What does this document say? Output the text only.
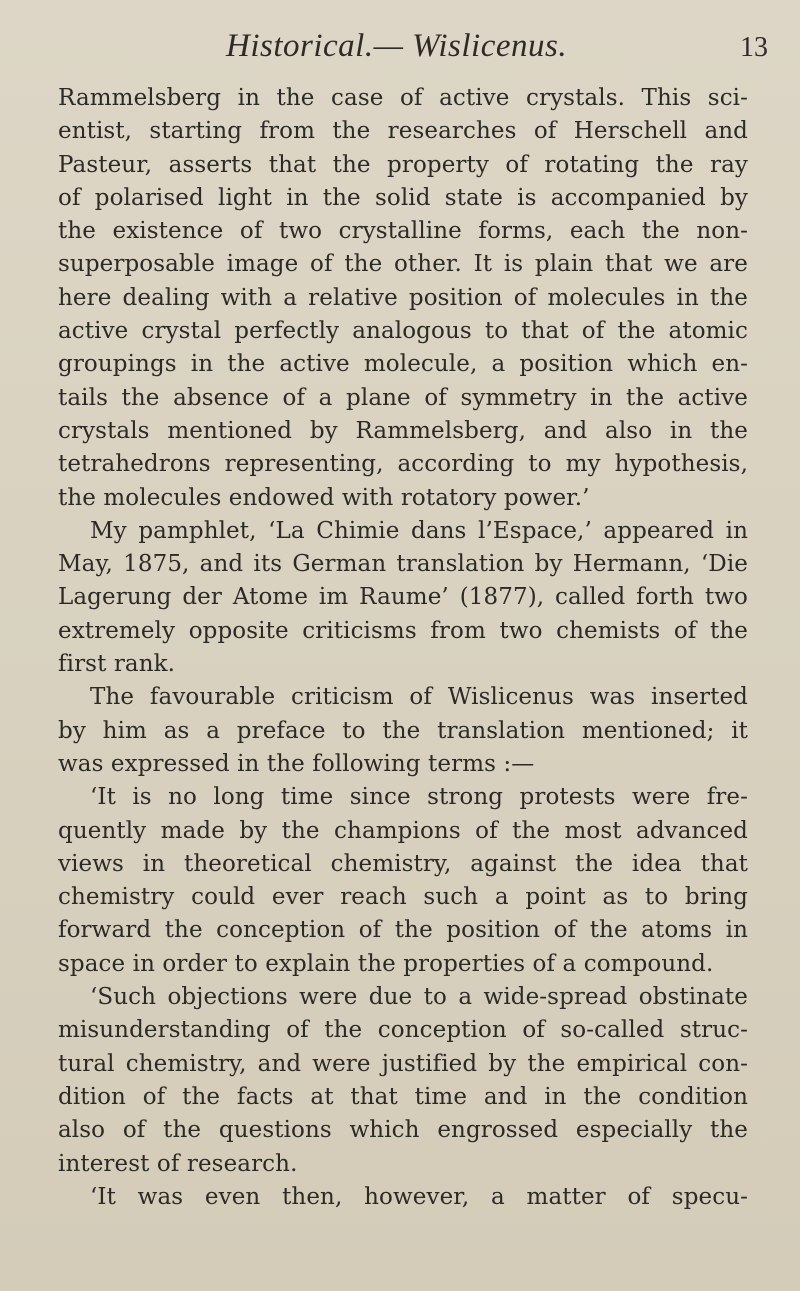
Historical.— Wislicenus.	13
Rammelsberg in the case of active crystals. This sci-
entist, starting from the researches of Herschell and
Pasteur, asserts that the property of rotating the ray
of polarised light in the solid state is accompanied by
the existence of two crystalline forms, each the non-
superposable image of the other. It is plain that we are
here dealing with a relative position of molecules in the
active crystal perfectly analogous to that of the atomic
groupings in the active molecule, a position which en-
tails the absence of a plane of symmetry in the active
crystals mentioned by Rammelsberg, and also in the
tetrahedrons representing, according to my hypothesis,
the molecules endowed with rotatory power.’
My pamphlet, ‘La Chimie dans l’Espace,’ appeared in
May, 1875, and its German translation by Hermann, ‘Die
Lagerung der Atome im Raume’ (1877), called forth two
extremely opposite criticisms from two chemists of the
first rank.
The favourable criticism of Wislicenus was inserted
by him as a preface to the translation mentioned; it
was expressed in the following terms :—
‘It is no long time since strong protests were fre-
quently made by the champions of the most advanced
views in theoretical chemistry, against the idea that
chemistry could ever reach such a point as to bring
forward the conception of the position of the atoms in
space in order to explain the properties of a compound.
‘Such objections were due to a wide-spread obstinate
misunderstanding of the conception of so-called struc-
tural chemistry, and were justified by the empirical con-
dition of the facts at that time and in the condition
also of the questions which engrossed especially the
interest of research.
‘It was even then, however, a matter of specu-
